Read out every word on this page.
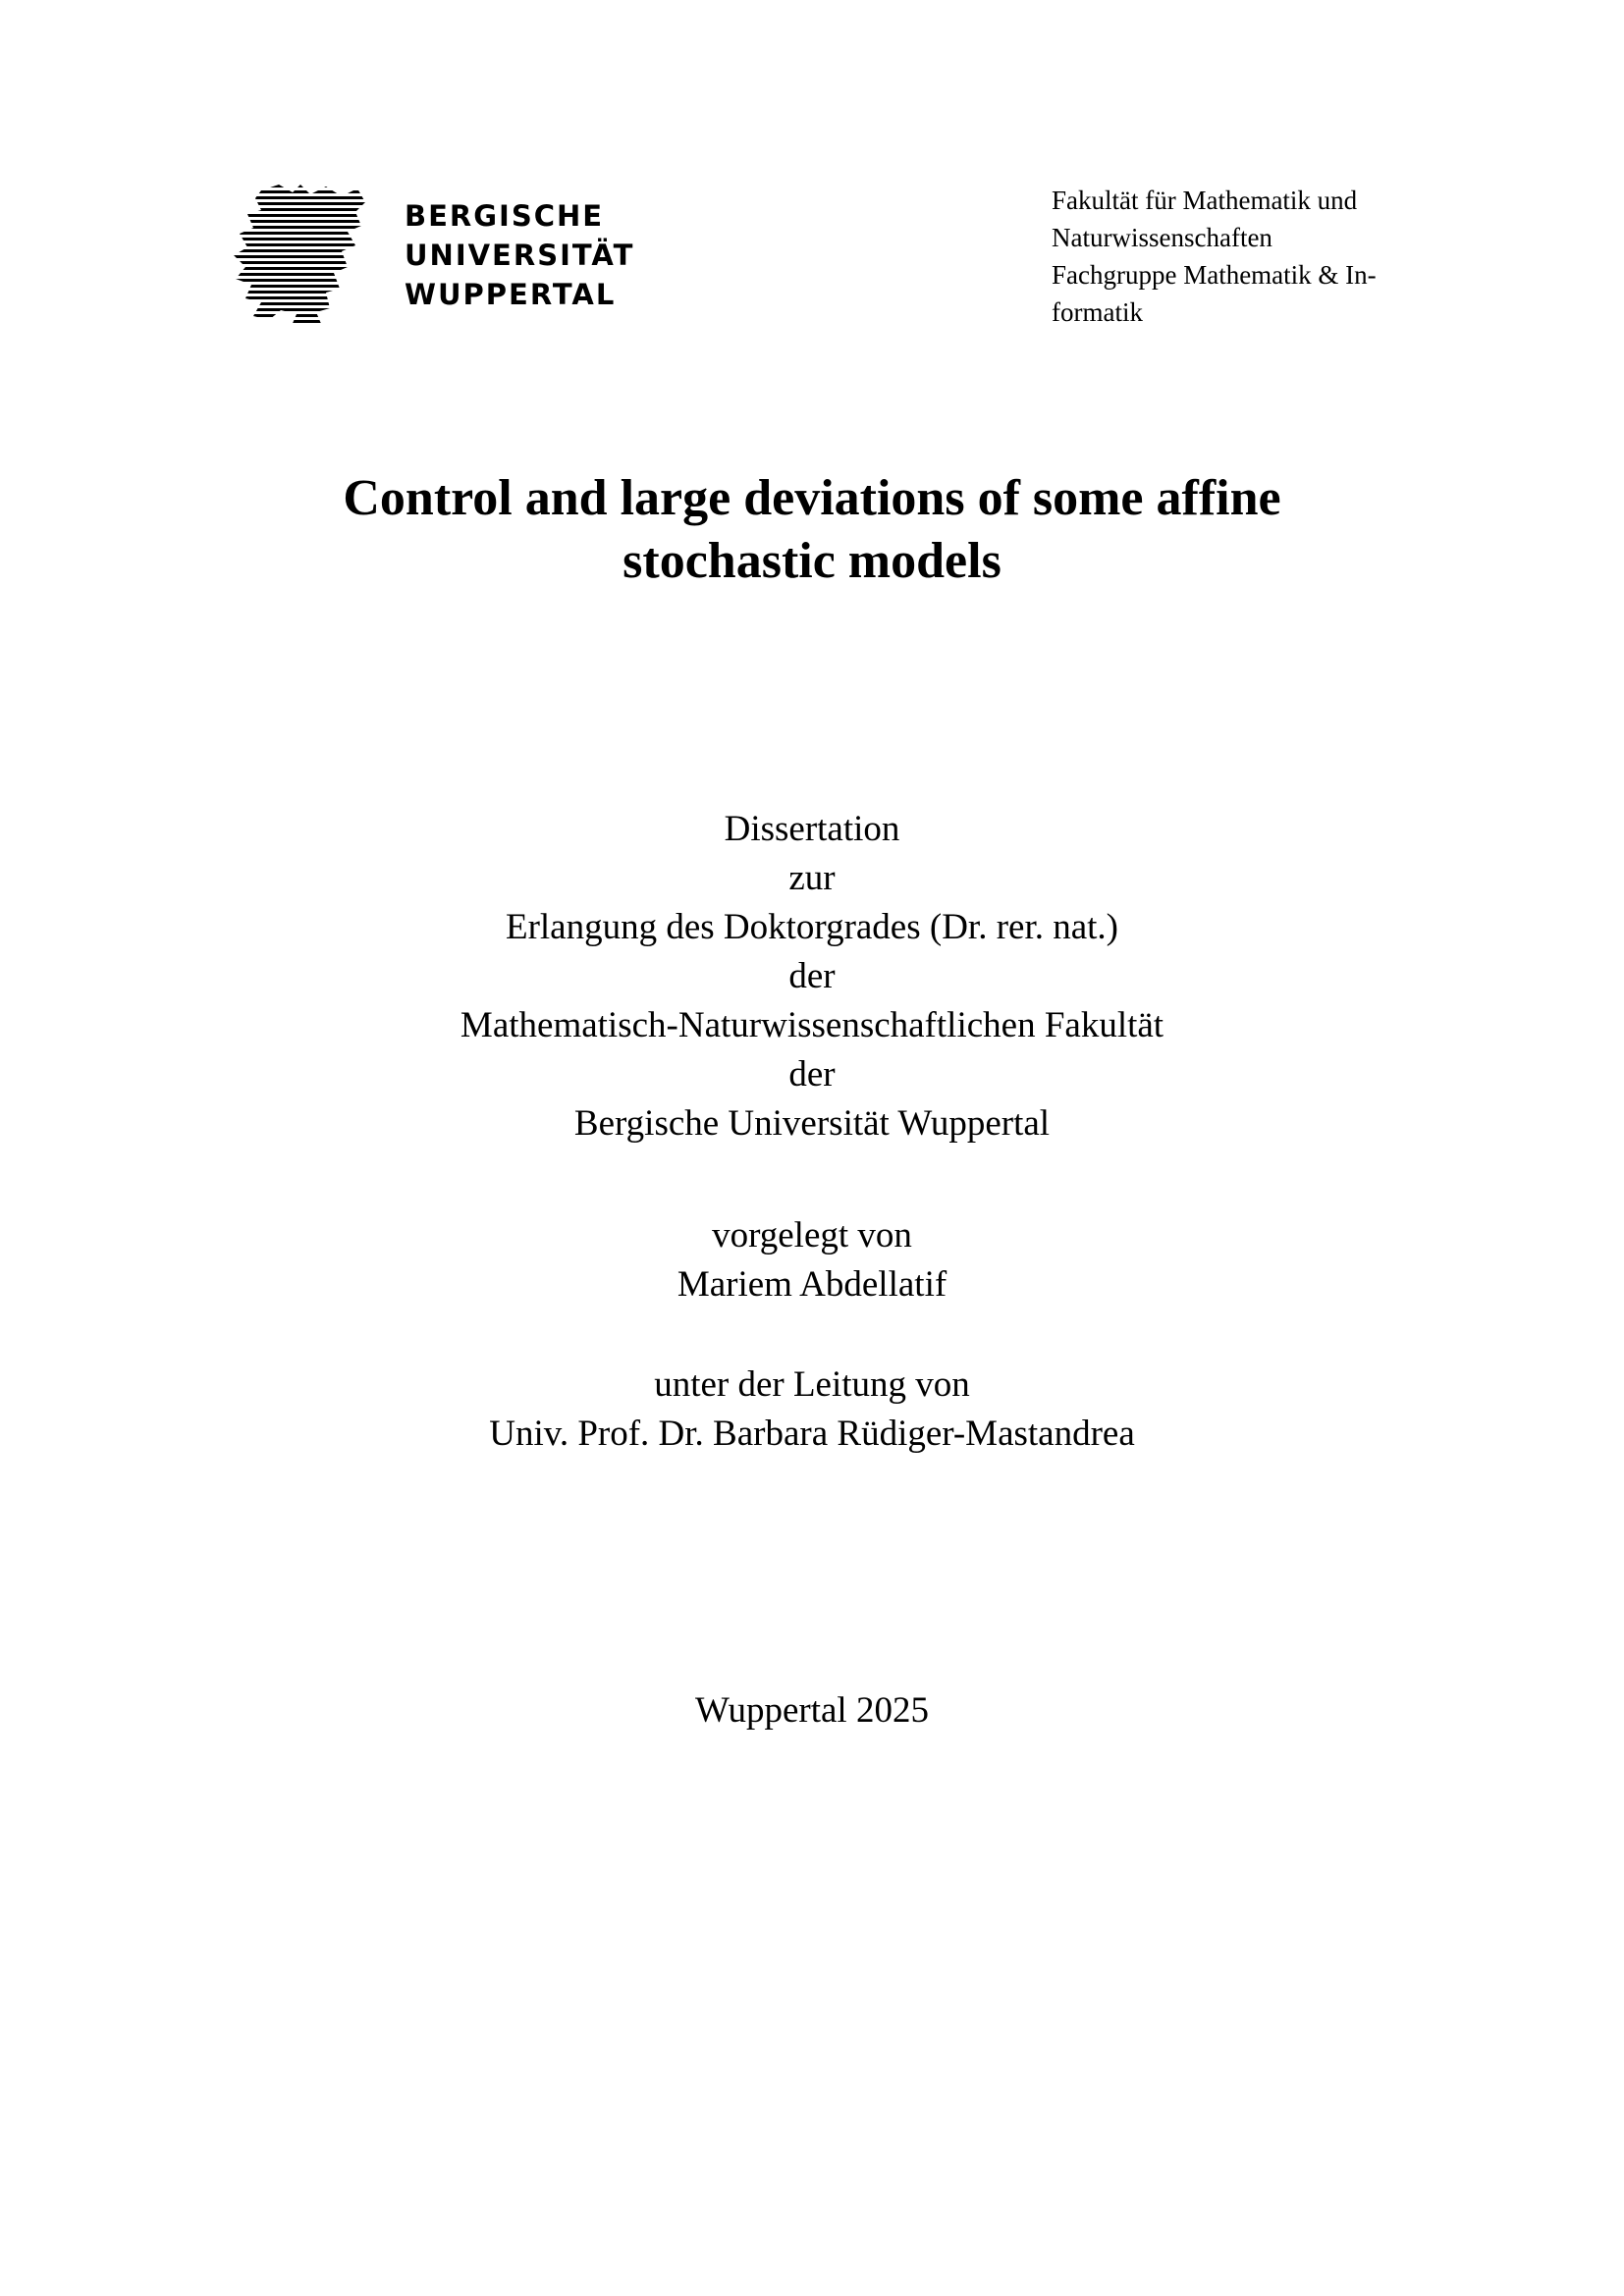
BERGISCHE
UNIVERSITÄT
WUPPERTAL
Fakultät für Mathematik und
Naturwissenschaften
Fachgruppe Mathematik & In-
formatik
Control and large deviations of some affine
stochastic models
Dissertation
zur
Erlangung des Doktorgrades (Dr. rer. nat.)
der
Mathematisch-Naturwissenschaftlichen Fakultät
der
Bergische Universität Wuppertal
vorgelegt von
Mariem Abdellatif
unter der Leitung von
Univ. Prof. Dr. Barbara Rüdiger-Mastandrea
Wuppertal 2025
